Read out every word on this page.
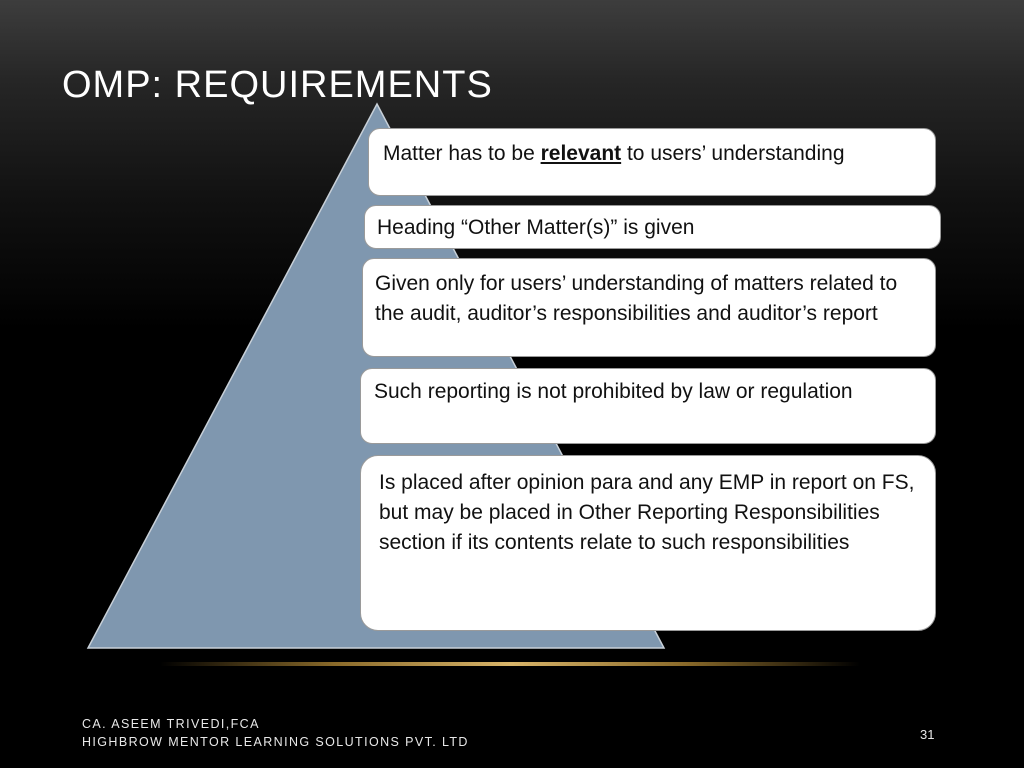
OMP: REQUIREMENTS
Matter has to be relevant to users’ understanding
Heading “Other Matter(s)” is given
Given only for users’ understanding of matters related to the audit, auditor’s responsibilities and auditor’s report
Such reporting is not prohibited by law or regulation
Is placed after opinion para and any EMP in report on FS, but may be placed in Other Reporting Responsibilities section if its contents relate to such responsibilities
CA. ASEEM TRIVEDI,FCA
HIGHBROW MENTOR LEARNING SOLUTIONS PVT. LTD	31
